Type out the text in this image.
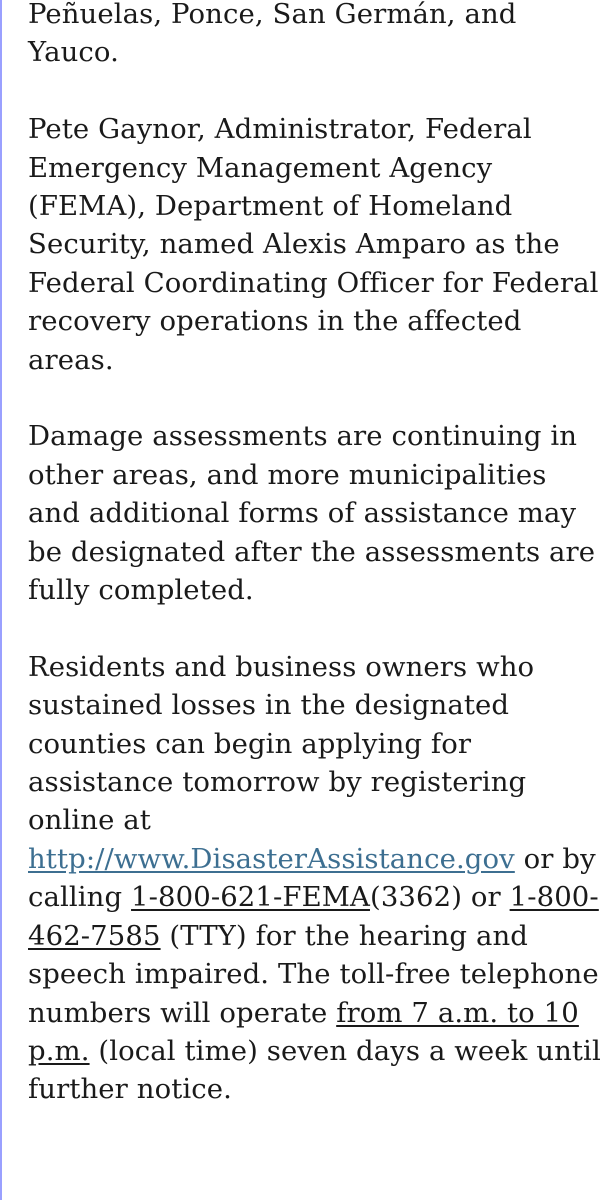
Peñuelas, Ponce, San Germán, and Yauco.

Pete Gaynor, Administrator, Federal Emergency Management Agency (FEMA), Department of Homeland Security, named Alexis Amparo as the Federal Coordinating Officer for Federal recovery operations in the affected areas.

Damage assessments are continuing in other areas, and more municipalities and additional forms of assistance may be designated after the assessments are fully completed.

Residents and business owners who sustained losses in the designated counties can begin applying for assistance tomorrow by registering online at http://www.DisasterAssistance.gov or by calling 1-800-621-FEMA(3362) or 1-800-462-7585 (TTY) for the hearing and speech impaired. The toll-free telephone numbers will operate from 7 a.m. to 10 p.m. (local time) seven days a week until further notice.
